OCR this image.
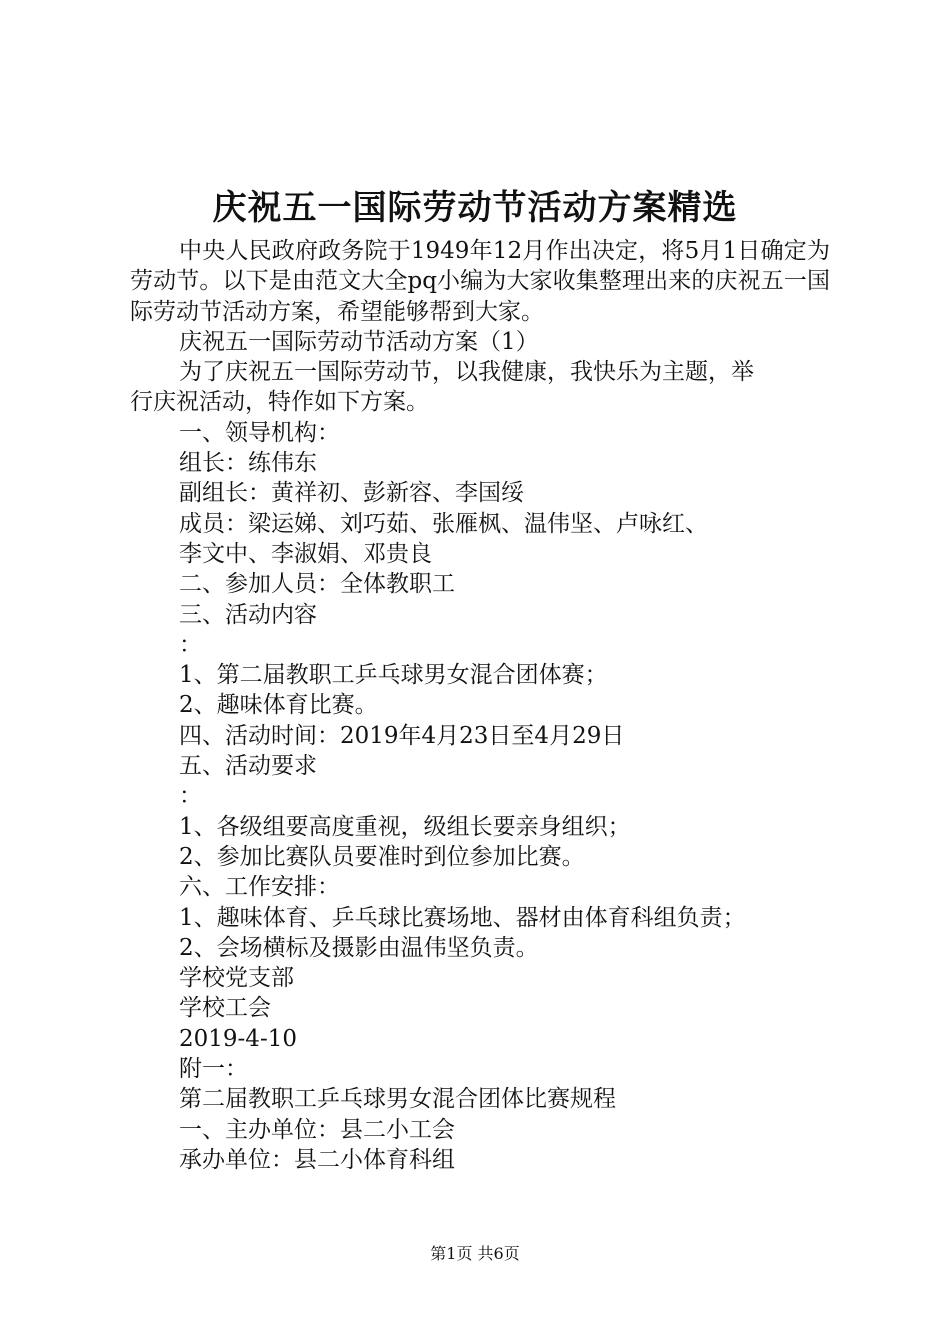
庆祝五一国际劳动节活动方案精选

中央人民政府政务院于1949年12月作出决定，将5月1日确定为劳动节。以下是由范文大全pq小编为大家收集整理出来的庆祝五一国际劳动节活动方案，希望能够帮到大家。

庆祝五一国际劳动节活动方案（1）

为了庆祝五一国际劳动节，以我健康，我快乐为主题，举

行庆祝活动，特作如下方案。

一、领导机构：

组长：练伟东

副组长：黄祥初、彭新容、李国绥

成员：梁运娣、刘巧茹、张雁枫、温伟坚、卢咏红、

李文中、李淑娟、邓贵良

二、参加人员：全体教职工

三、活动内容

：

1、第二届教职工乒乓球男女混合团体赛；

2、趣味体育比赛。

四、活动时间：2019年4月23日至4月29日

五、活动要求

：

1、各级组要高度重视，级组长要亲身组织；

2、参加比赛队员要准时到位参加比赛。

六、工作安排：

1、趣味体育、乒乓球比赛场地、器材由体育科组负责；

2、会场横标及摄影由温伟坚负责。

学校党支部

学校工会

2019-4-10

附一：

第二届教职工乒乓球男女混合团体比赛规程

一、主办单位：县二小工会

承办单位：县二小体育科组

第1页 共6页
